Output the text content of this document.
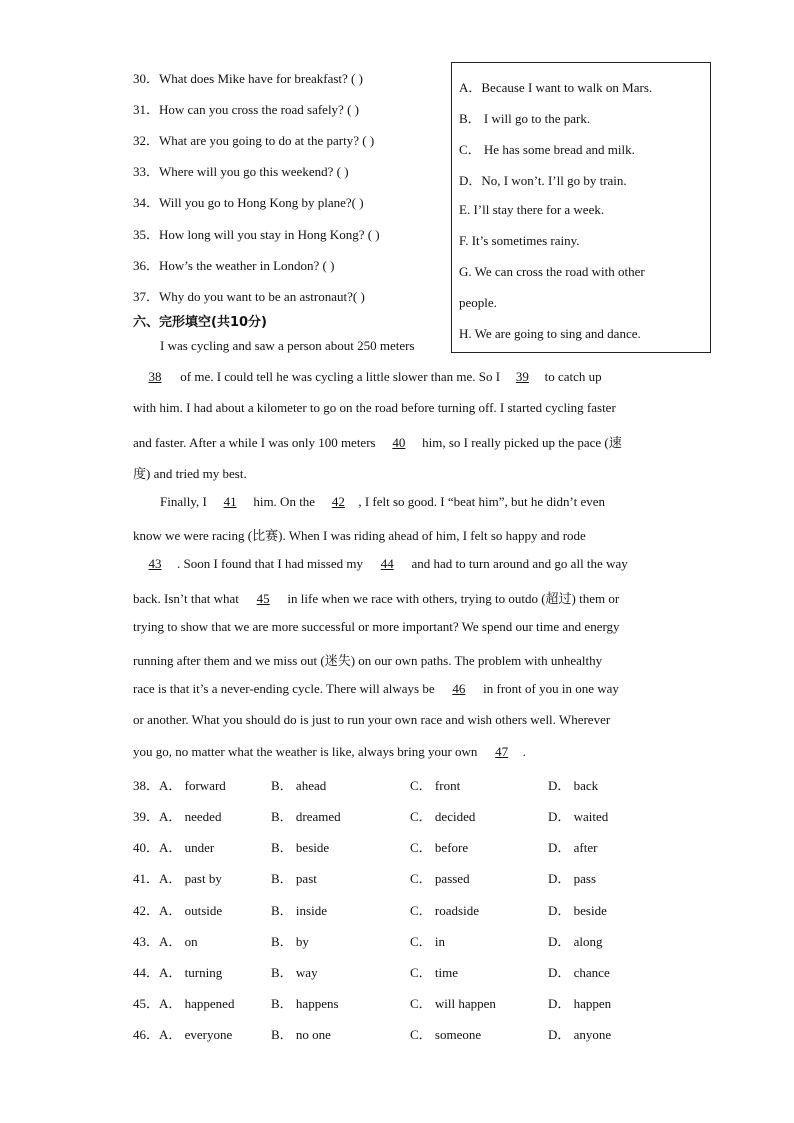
30．What does Mike have for breakfast? ( )
31．How can you cross the road safely? ( )
32．What are you going to do at the party? ( )
33．Where will you go this weekend? ( )
34．Will you go to Hong Kong by plane?( )
35．How long will you stay in Hong Kong? ( )
36．How’s the weather in London? ( )
37．Why do you want to be an astronaut?( )
A．Because I want to walk on Mars.
B． I will go to the park.
C． He has some bread and milk.
D．No, I won’t. I’ll go by train.
E. I’ll stay there for a week.
F. It’s sometimes rainy.
G. We can cross the road with other
people.
H. We are going to sing and dance.
六、完形填空(共10分)
I was cycling and saw a person about 250 meters
38 of me. I could tell he was cycling a little slower than me. So I 39 to catch up
with him. I had about a kilometer to go on the road before turning off. I started cycling faster
and faster. After a while I was only 100 meters 40 him, so I really picked up the pace (速
度) and tried my best.
Finally, I 41 him. On the 42 , I felt so good. I “beat him”, but he didn’t even
know we were racing (比赛). When I was riding ahead of him, I felt so happy and rode
43 . Soon I found that I had missed my 44 and had to turn around and go all the way
back. Isn’t that what 45 in life when we race with others, trying to outdo (超过) them or
trying to show that we are more successful or more important? We spend our time and energy
running after them and we miss out (迷失) on our own paths. The problem with unhealthy
race is that it’s a never-ending cycle. There will always be 46 in front of you in one way
or another. What you should do is just to run your own race and wish others well. Wherever
you go, no matter what the weather is like, always bring your own 47 .
38．A． forward	B． ahead	C． front	D． back
39．A． needed	B． dreamed	C． decided	D． waited
40．A． under	B． beside	C． before	D． after
41．A． past by	B． past	C． passed	D． pass
42．A． outside	B． inside	C． roadside	D． beside
43．A． on	B． by	C． in	D． along
44．A． turning	B． way	C． time	D． chance
45．A． happened	B． happens	C． will happen	D． happen
46．A． everyone	B． no one	C． someone	D． anyone
